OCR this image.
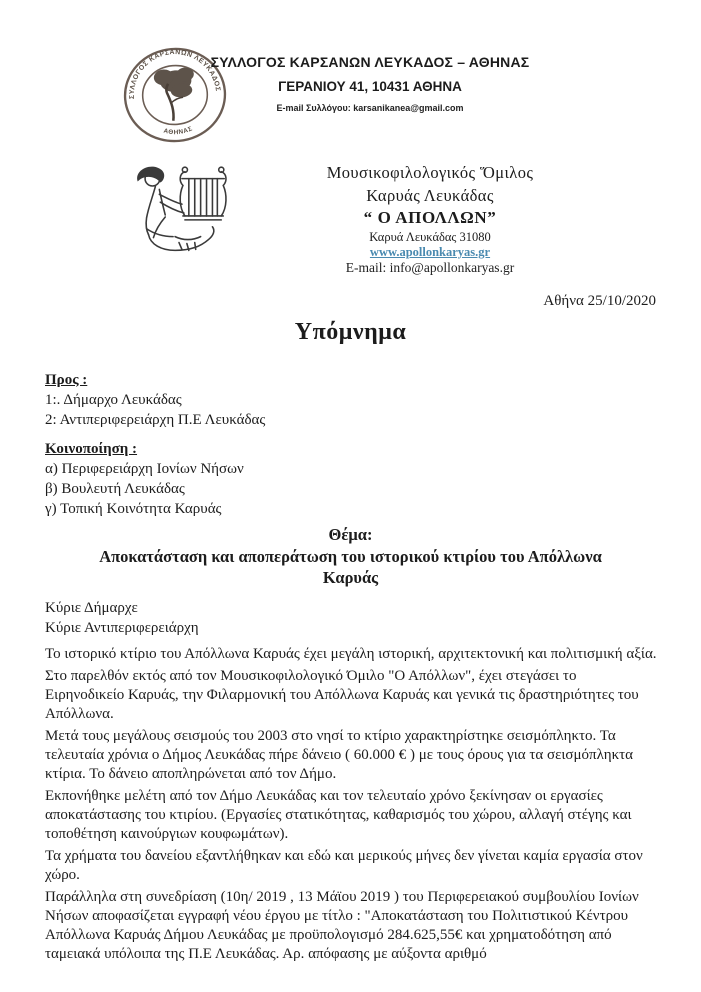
ΣΥΛΛΟΓΟΣ ΚΑΡΣΑΝΩΝ ΛΕΥΚΑΔΟΣ
ΑΘΗΝΑΣ
ΣΥΛΛΟΓΟΣ ΚΑΡΣΑΝΩΝ ΛΕΥΚΑΔΟΣ – ΑΘΗΝΑΣ
ΓΕΡΑΝΙΟΥ 41, 10431 ΑΘΗΝΑ
E-mail Συλλόγου: karsanikanea@gmail.com
Μουσικοφιλολογικός Ὅμιλος
Καρυάς Λευκάδας
“ Ο ΑΠΟΛΛΩΝ”
Καρυά Λευκάδας 31080
www.apollonkaryas.gr
E-mail: info@apollonkaryas.gr
Αθήνα 25/10/2020
Υπόμνημα
Προς :
1:. Δήμαρχο Λευκάδας
2: Αντιπεριφερειάρχη Π.Ε Λευκάδας
Κοινοποίηση :
α) Περιφερειάρχη Ιονίων Νήσων
β) Βουλευτή Λευκάδας
γ) Τοπική Κοινότητα Καρυάς
Θέμα:
Αποκατάσταση και αποπεράτωση του ιστορικού κτιρίου του Απόλλωνα Καρυάς
Κύριε Δήμαρχε
Κύριε Αντιπεριφερειάρχη

Το ιστορικό κτίριο του Απόλλωνα Καρυάς έχει μεγάλη ιστορική, αρχιτεκτονική και πολιτισμική αξία.

Στο παρελθόν εκτός από τον Μουσικοφιλολογικό Όμιλο "Ο Απόλλων", έχει στεγάσει το Ειρηνοδικείο Καρυάς, την Φιλαρμονική του Απόλλωνα Καρυάς και γενικά τις δραστηριότητες του Απόλλωνα.

Μετά τους μεγάλους σεισμούς του 2003 στο νησί το κτίριο χαρακτηρίστηκε σεισμόπληκτο. Τα τελευταία χρόνια ο Δήμος Λευκάδας πήρε δάνειο ( 60.000 € ) με τους όρους για τα σεισμόπληκτα κτίρια. Το δάνειο αποπληρώνεται από τον Δήμο.

Εκπονήθηκε μελέτη από τον Δήμο Λευκάδας και τον τελευταίο χρόνο ξεκίνησαν οι εργασίες αποκατάστασης του κτιρίου. (Εργασίες στατικότητας, καθαρισμός του χώρου, αλλαγή στέγης και τοποθέτηση καινούργιων κουφωμάτων).

Τα χρήματα του δανείου εξαντλήθηκαν και εδώ και μερικούς μήνες δεν γίνεται καμία εργασία στον χώρο.

Παράλληλα στη συνεδρίαση (10η/ 2019 , 13 Μάϊου 2019 ) του Περιφερειακού συμβουλίου Ιονίων Νήσων αποφασίζεται εγγραφή νέου έργου με τίτλο : "Αποκατάσταση του Πολιτιστικού Κέντρου Απόλλωνα Καρυάς Δήμου Λευκάδας με προϋπολογισμό 284.625,55€ και χρηματοδότηση από ταμειακά υπόλοιπα της Π.Ε Λευκάδας. Αρ. απόφασης με αύξοντα αριθμό
